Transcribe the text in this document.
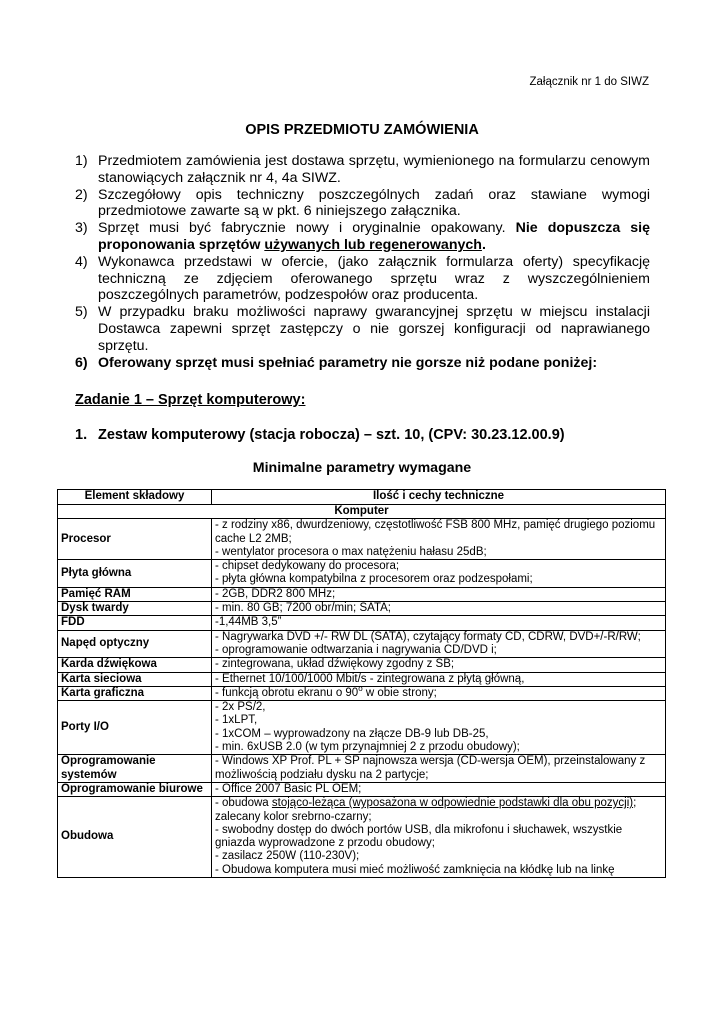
Załącznik nr 1 do SIWZ
OPIS PRZEDMIOTU ZAMÓWIENIA
1) Przedmiotem zamówienia jest dostawa sprzętu, wymienionego na formularzu cenowym stanowiących załącznik nr 4, 4a SIWZ.
2) Szczegółowy opis techniczny poszczególnych zadań oraz stawiane wymogi przedmiotowe zawarte są w pkt. 6 niniejszego załącznika.
3) Sprzęt musi być fabrycznie nowy i oryginalnie opakowany. Nie dopuszcza się proponowania sprzętów używanych lub regenerowanych.
4) Wykonawca przedstawi w ofercie, (jako załącznik formularza oferty) specyfikację techniczną ze zdjęciem oferowanego sprzętu wraz z wyszczególnieniem poszczególnych parametrów, podzespołów oraz producenta.
5) W przypadku braku możliwości naprawy gwarancyjnej sprzętu w miejscu instalacji Dostawca zapewni sprzęt zastępczy o nie gorszej konfiguracji od naprawianego sprzętu.
6) Oferowany sprzęt musi spełniać parametry nie gorsze niż podane poniżej:
Zadanie 1 – Sprzęt komputerowy:
1. Zestaw komputerowy (stacja robocza) – szt. 10, (CPV: 30.23.12.00.9)
Minimalne parametry wymagane
Element składowy	Ilość i cechy techniczne
Komputer	
Procesor	- z rodziny x86, dwurdzeniowy, częstotliwość FSB 800 MHz, pamięć drugiego poziomu cache L2 2MB;
- wentylator procesora o max natężeniu hałasu 25dB;

Płyta główna	- chipset dedykowany do procesora;
- płyta główna kompatybilna z procesorem oraz podzespołami;

Pamięć RAM	- 2GB, DDR2 800 MHz;

Dysk twardy	- min. 80 GB; 7200 obr/min; SATA;

FDD	-1,44MB 3,5”

Napęd optyczny	- Nagrywarka DVD +/- RW DL (SATA), czytający formaty CD, CDRW, DVD+/-R/RW;
- oprogramowanie odtwarzania i nagrywania CD/DVD i;

Karda dźwiękowa	- zintegrowana, układ dźwiękowy zgodny z SB;

Karta sieciowa	- Ethernet 10/100/1000 Mbit/s - zintegrowana z płytą główną,

Karta graficzna	- funkcją obrotu ekranu o 90$^o$ w obie strony;

Porty I/O	- 2x PS/2,
- 1xLPT,
- 1xCOM – wyprowadzony na złącze DB-9 lub DB-25,
- min. 6xUSB 2.0 (w tym przynajmniej 2 z przodu obudowy);

Oprogramowanie systemów	- Windows XP Prof. PL + SP najnowsza wersja (CD-wersja OEM), przeinstalowany z możliwością podziału dysku na 2 partycje;

Oprogramowanie biurowe	- Office 2007 Basic PL OEM;

Obudowa	- obudowa stojąco-leżąca (wyposażona w odpowiednie podstawki dla obu pozycji); zalecany kolor srebrno-czarny;
- swobodny dostęp do dwóch portów USB, dla mikrofonu i słuchawek, wszystkie gniazda wyprowadzone z przodu obudowy;
- zasilacz 250W (110-230V);
- Obudowa komputera musi mieć możliwość zamknięcia na kłódkę lub na linkę
